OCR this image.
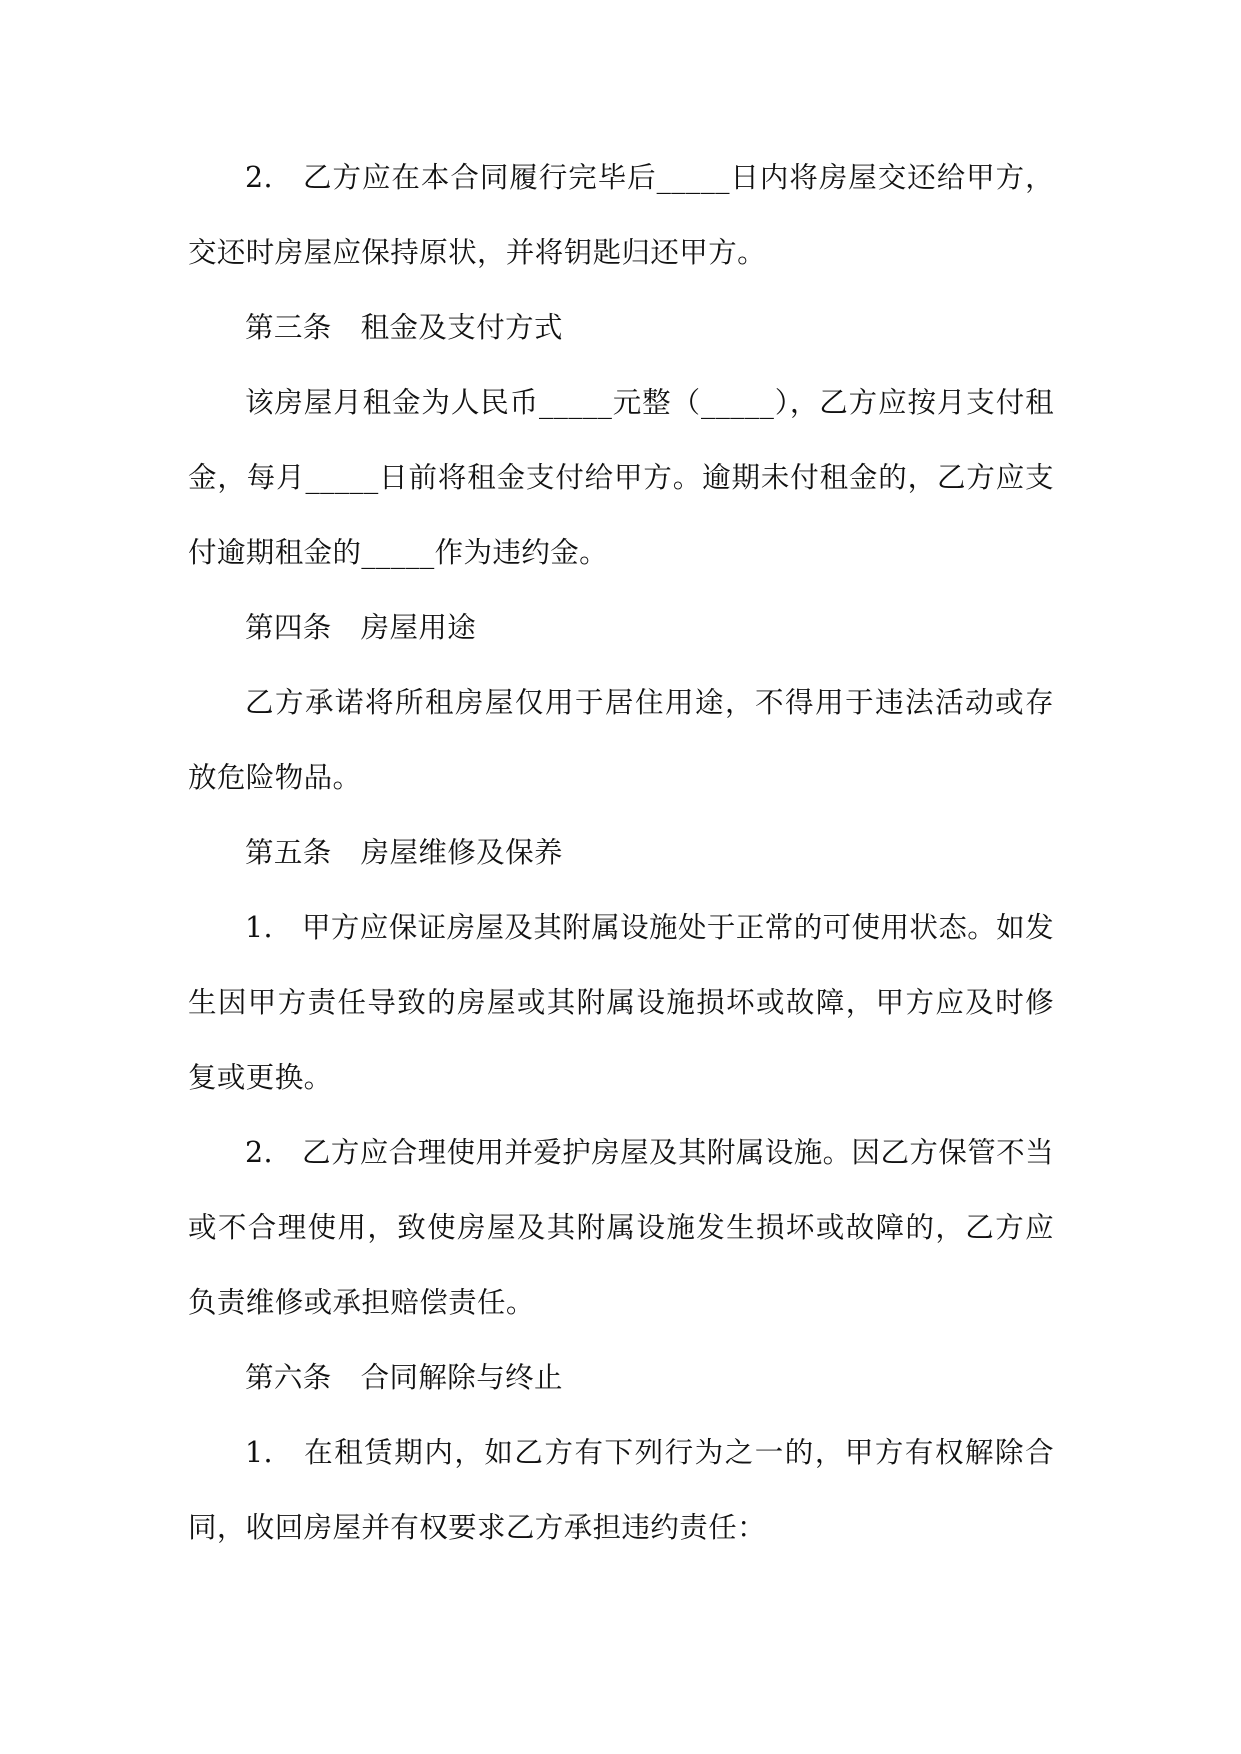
2.　乙方应在本合同履行完毕后_____日内将房屋交还给甲方，交还时房屋应保持原状，并将钥匙归还甲方。

第三条　租金及支付方式

该房屋月租金为人民币_____元整（_____），乙方应按月支付租金，每月_____日前将租金支付给甲方。逾期未付租金的，乙方应支付逾期租金的_____作为违约金。

第四条　房屋用途

乙方承诺将所租房屋仅用于居住用途，不得用于违法活动或存放危险物品。

第五条　房屋维修及保养

1.　甲方应保证房屋及其附属设施处于正常的可使用状态。如发生因甲方责任导致的房屋或其附属设施损坏或故障，甲方应及时修复或更换。

2.　乙方应合理使用并爱护房屋及其附属设施。因乙方保管不当或不合理使用，致使房屋及其附属设施发生损坏或故障的，乙方应负责维修或承担赔偿责任。

第六条　合同解除与终止

1.　在租赁期内，如乙方有下列行为之一的，甲方有权解除合同，收回房屋并有权要求乙方承担违约责任：
